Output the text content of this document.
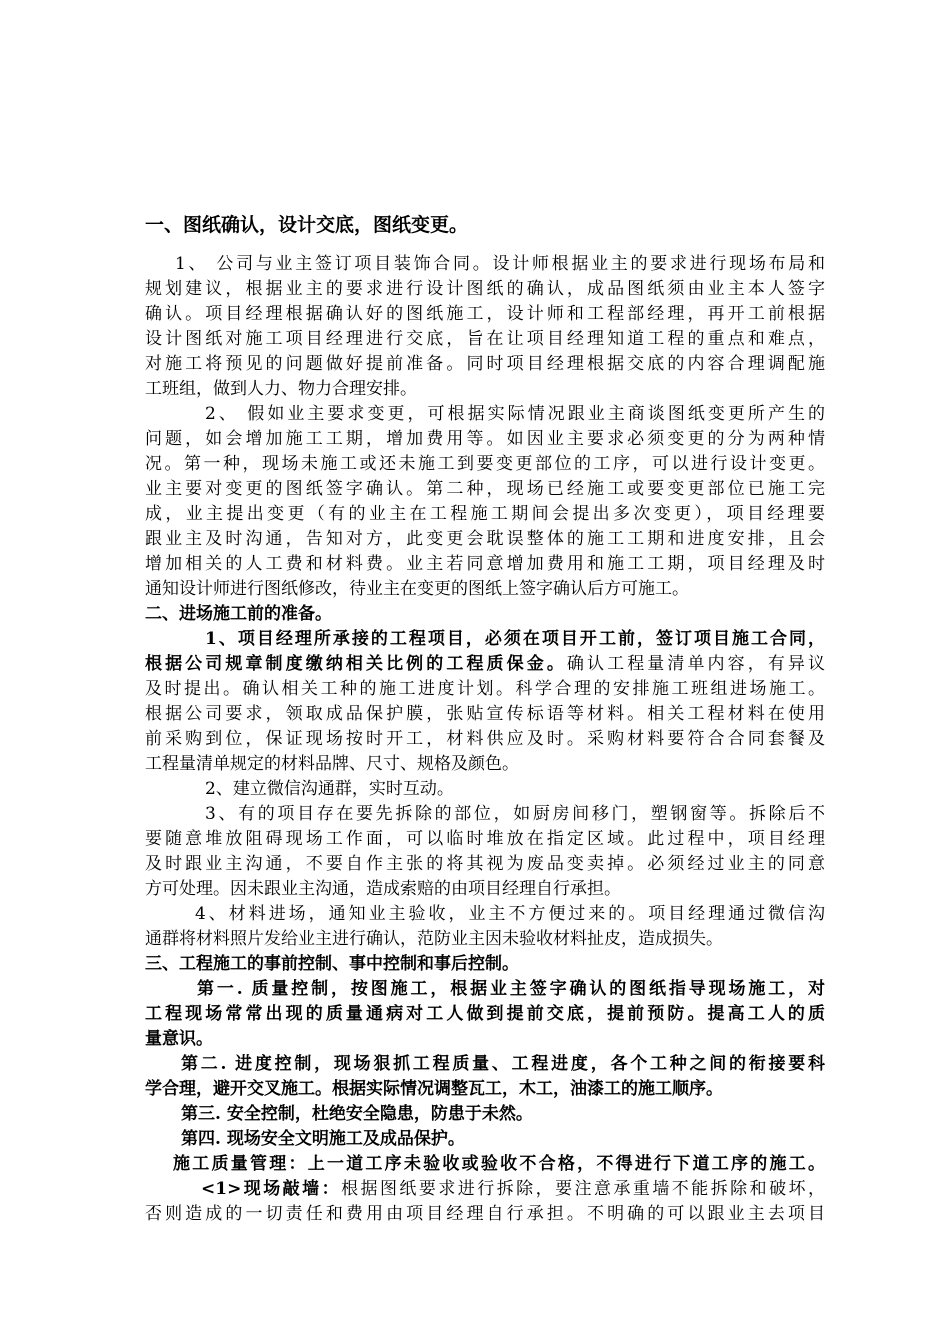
一、图纸确认，设计交底，图纸变更。
1、 公司与业主签订项目装饰合同。设计师根据业主的要求进行现场布局和
规划建议，根据业主的要求进行设计图纸的确认，成品图纸须由业主本人签字
确认。项目经理根据确认好的图纸施工，设计师和工程部经理，再开工前根据
设计图纸对施工项目经理进行交底，旨在让项目经理知道工程的重点和难点，
对施工将预见的问题做好提前准备。同时项目经理根据交底的内容合理调配施
工班组，做到人力、物力合理安排。
2、 假如业主要求变更，可根据实际情况跟业主商谈图纸变更所产生的
问题，如会增加施工工期，增加费用等。如因业主要求必须变更的分为两种情
况。第一种，现场未施工或还未施工到要变更部位的工序，可以进行设计变更。
业主要对变更的图纸签字确认。第二种，现场已经施工或要变更部位已施工完
成，业主提出变更（有的业主在工程施工期间会提出多次变更），项目经理要
跟业主及时沟通，告知对方，此变更会耽误整体的施工工期和进度安排，且会
增加相关的人工费和材料费。业主若同意增加费用和施工工期，项目经理及时
通知设计师进行图纸修改，待业主在变更的图纸上签字确认后方可施工。
二、进场施工前的准备。
1、项目经理所承接的工程项目，必须在项目开工前，签订项目施工合同，
根据公司规章制度缴纳相关比例的工程质保金。确认工程量清单内容，有异议
及时提出。确认相关工种的施工进度计划。科学合理的安排施工班组进场施工。
根据公司要求，领取成品保护膜，张贴宣传标语等材料。相关工程材料在使用
前采购到位，保证现场按时开工，材料供应及时。采购材料要符合合同套餐及
工程量清单规定的材料品牌、尺寸、规格及颜色。
2、建立微信沟通群，实时互动。
3、有的项目存在要先拆除的部位，如厨房间移门，塑钢窗等。拆除后不
要随意堆放阻碍现场工作面，可以临时堆放在指定区域。此过程中，项目经理
及时跟业主沟通，不要自作主张的将其视为废品变卖掉。必须经过业主的同意
方可处理。因未跟业主沟通，造成索赔的由项目经理自行承担。
4、材料进场，通知业主验收，业主不方便过来的。项目经理通过微信沟
通群将材料照片发给业主进行确认，范防业主因未验收材料扯皮，造成损失。
三、工程施工的事前控制、事中控制和事后控制。
第一. 质量控制，按图施工，根据业主签字确认的图纸指导现场施工，对
工程现场常常出现的质量通病对工人做到提前交底，提前预防。提高工人的质
量意识。
第二. 进度控制，现场狠抓工程质量、工程进度，各个工种之间的衔接要科
学合理，避开交叉施工。根据实际情况调整瓦工，木工，油漆工的施工顺序。
第三. 安全控制，杜绝安全隐患，防患于未然。
第四. 现场安全文明施工及成品保护。
施工质量管理：上一道工序未验收或验收不合格，不得进行下道工序的施工。
<1>现场敲墙：根据图纸要求进行拆除，要注意承重墙不能拆除和破坏，
否则造成的一切责任和费用由项目经理自行承担。不明确的可以跟业主去项目
